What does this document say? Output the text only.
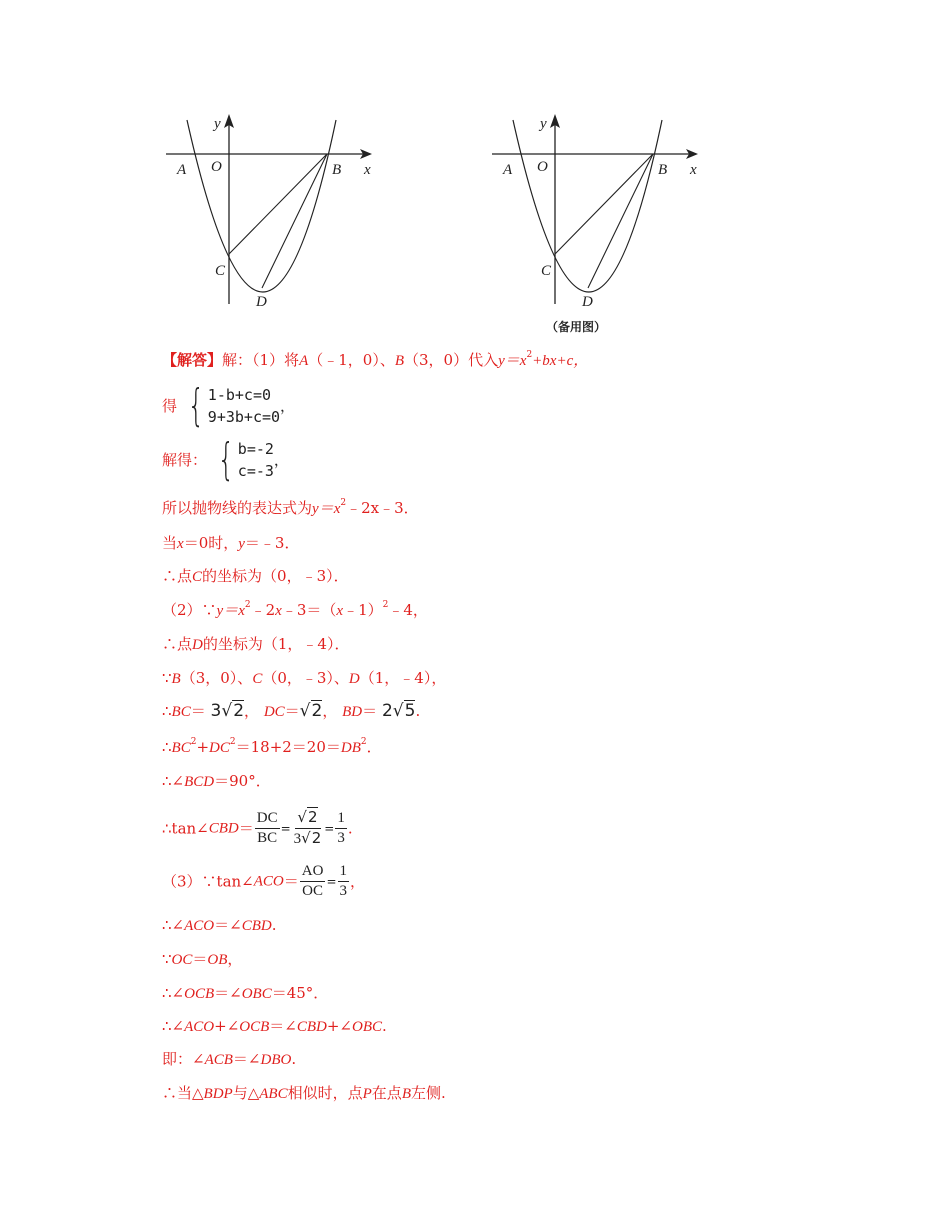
y
x
A O	B
C
D
y
x
A O	B
C
D
（备用图）
【解答】解：（1）将A（﹣1，0）、B（3，0）代入$y=x^2+bx+c$，
得 { 1-b+c=0
9+3b+c=0
，
解得： { b=-2
c=-3
，
所以抛物线的表达式为$y=x^2﹣2x﹣3$．
当x＝0时，y＝﹣3．
∴点C的坐标为（0，﹣3）．
$(2)\because y=x^2﹣2x﹣3=(x﹣1)^2﹣4$，
∴点D的坐标为（1，﹣4）．
∵B（3，0）、C（0，﹣3）、D（1，﹣4），
∴BC＝ 3√2， DC＝√2， BD＝ 2√5.
$\therefore BC^2+DC^2=18+2=20=DB^2$．
∴∠BCD＝90°．
∴tan∠CBD＝ $\frac{DC}{BC} = \frac{√2}{3√2} = \frac{1}{3}$ .
（3）∵tan∠ACO＝ $\frac{AO}{OC} = \frac{1}{3}$ ，
∴∠ACO＝∠CBD.
∵OC＝OB，
∴∠OCB＝∠OBC＝45°．
∴∠ACO+∠OCB＝∠CBD+∠OBC.
即：∠ACB＝∠DBO.
∴当△BDP与△ABC相似时，点P在点B左侧.
